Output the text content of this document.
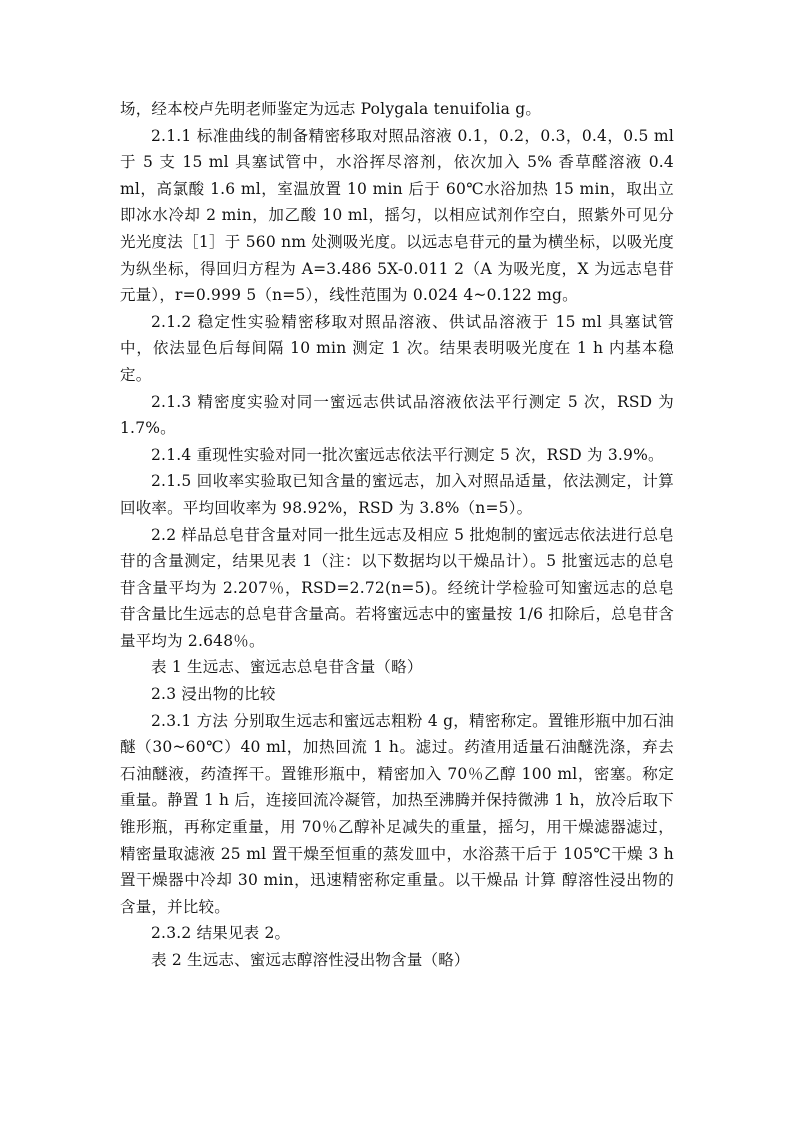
场，经本校卢先明老师鉴定为远志 Polygala tenuifolia g。

2.1.1 标准曲线的制备精密移取对照品溶液 0.1，0.2，0.3，0.4，0.5 ml 于 5 支 15 ml 具塞试管中，水浴挥尽溶剂，依次加入 5% 香草醛溶液 0.4 ml，高氯酸 1.6 ml，室温放置 10 min 后于 60℃水浴加热 15 min，取出立即冰水冷却 2 min，加乙酸 10 ml，摇匀，以相应试剂作空白，照紫外可见分光光度法［1］于 560 nm 处测吸光度。以远志皂苷元的量为横坐标，以吸光度为纵坐标，得回归方程为 A=3.486 5X-0.011 2（A 为吸光度，X 为远志皂苷元量），r=0.999 5（n=5），线性范围为 0.024 4~0.122 mg。

2.1.2 稳定性实验精密移取对照品溶液、供试品溶液于 15 ml 具塞试管中，依法显色后每间隔 10 min 测定 1 次。结果表明吸光度在 1 h 内基本稳定。

2.1.3 精密度实验对同一蜜远志供试品溶液依法平行测定 5 次，RSD 为 1.7%。

2.1.4 重现性实验对同一批次蜜远志依法平行测定 5 次，RSD 为 3.9%。

2.1.5 回收率实验取已知含量的蜜远志，加入对照品适量，依法测定，计算回收率。平均回收率为 98.92%，RSD 为 3.8%（n=5）。

2.2 样品总皂苷含量对同一批生远志及相应 5 批炮制的蜜远志依法进行总皂苷的含量测定，结果见表 1（注：以下数据均以干燥品计）。5 批蜜远志的总皂苷含量平均为 2.207％，RSD=2.72(n=5)。经统计学检验可知蜜远志的总皂苷含量比生远志的总皂苷含量高。若将蜜远志中的蜜量按 1/6 扣除后，总皂苷含量平均为 2.648％。

表 1 生远志、蜜远志总皂苷含量（略）

2.3 浸出物的比较

2.3.1 方法 分别取生远志和蜜远志粗粉 4 g，精密称定。置锥形瓶中加石油醚（30~60℃）40 ml，加热回流 1 h。滤过。药渣用适量石油醚洗涤，弃去石油醚液，药渣挥干。置锥形瓶中，精密加入 70％乙醇 100 ml，密塞。称定重量。静置 1 h 后，连接回流冷凝管，加热至沸腾并保持微沸 1 h，放冷后取下锥形瓶，再称定重量，用 70％乙醇补足减失的重量，摇匀，用干燥滤器滤过，精密量取滤液 25 ml 置干燥至恒重的蒸发皿中，水浴蒸干后于 105℃干燥 3 h 置干燥器中冷却 30 min，迅速精密称定重量。以干燥品 计算 醇溶性浸出物的含量，并比较。

2.3.2 结果见表 2。

表 2 生远志、蜜远志醇溶性浸出物含量（略）
